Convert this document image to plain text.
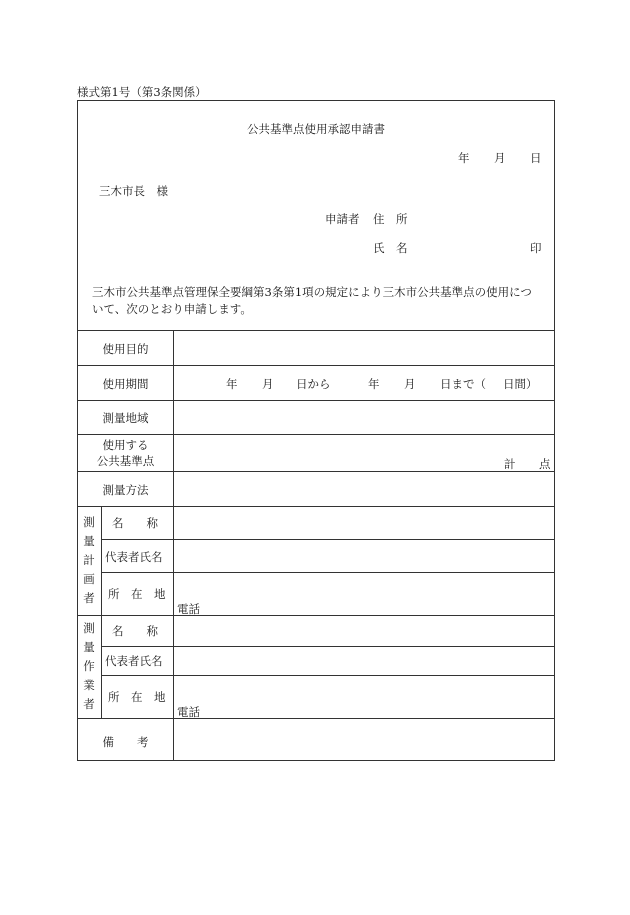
様式第1号（第3条関係）
公共基準点使用承認申請書
年 月 日
三木市長　様
申請者 住　所
氏　名	印
三木市公共基準点管理保全要綱第3条第1項の規定により三木市公共基準点の使用について、次のとおり申請します。
使用目的
使用期間
測量地域
使用する
公共基準点
測量方法
備　　考
年 月 日から	年 月 日まで（ 日間）
計 点
測
量
計
画
者
名　　称
代表者氏名
所　在　地
電話
測
量
作
業
者
名　　称
代表者氏名
所　在　地
電話
